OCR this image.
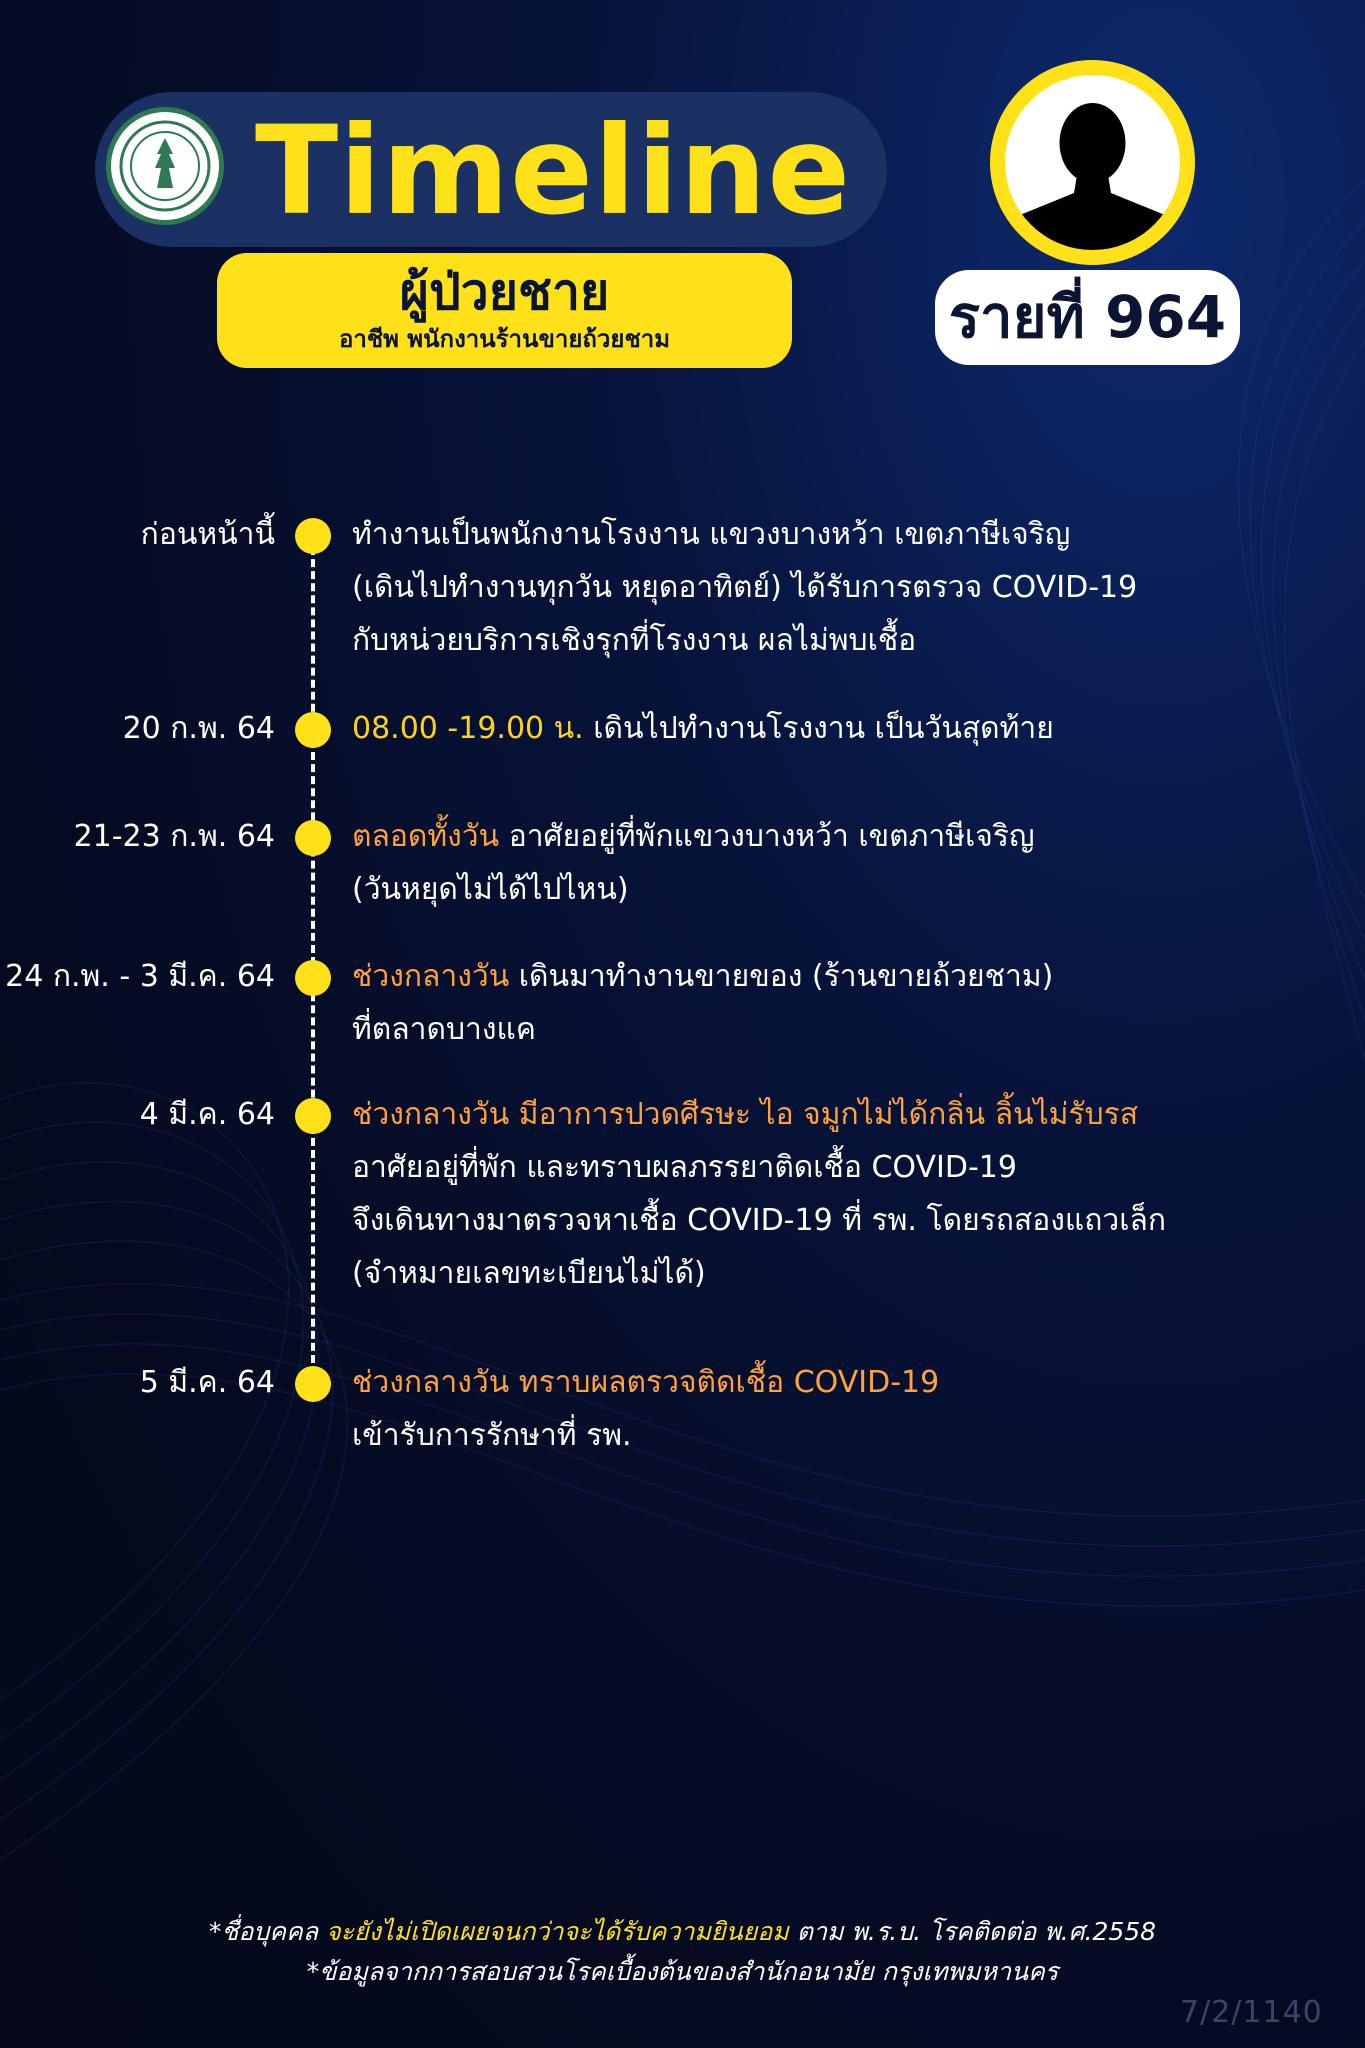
Timeline
ผู้ป่วยชาย
อาชีพ พนักงานร้านขายถ้วยชาม	รายที่ 964
ก่อนหน้านี้	ทำงานเป็นพนักงานโรงงาน แขวงบางหว้า เขตภาษีเจริญ

(เดินไปทำงานทุกวัน หยุดอาทิตย์) ได้รับการตรวจ COVID-19

กับหน่วยบริการเชิงรุกที่โรงงาน ผลไม่พบเชื้อ

20 ก.พ. 64	08.00 -19.00 น. เดินไปทำงานโรงงาน เป็นวันสุดท้าย

21-23 ก.พ. 64	ตลอดทั้งวัน อาศัยอยู่ที่พักแขวงบางหว้า เขตภาษีเจริญ

(วันหยุดไม่ได้ไปไหน)

24 ก.พ. - 3 มี.ค. 64	ช่วงกลางวัน เดินมาทำงานขายของ (ร้านขายถ้วยชาม)

ที่ตลาดบางแค

4 มี.ค. 64	ช่วงกลางวัน มีอาการปวดศีรษะ ไอ จมูกไม่ได้กลิ่น ลิ้นไม่รับรส

อาศัยอยู่ที่พัก และทราบผลภรรยาติดเชื้อ COVID-19

จึงเดินทางมาตรวจหาเชื้อ COVID-19 ที่ รพ. โดยรถสองแถวเล็ก

(จำหมายเลขทะเบียนไม่ได้)

5 มี.ค. 64	ช่วงกลางวัน ทราบผลตรวจติดเชื้อ COVID-19

เข้ารับการรักษาที่ รพ.

*ชื่อบุคคล จะยังไม่เปิดเผยจนกว่าจะได้รับความยินยอม ตาม พ.ร.บ. โรคติดต่อ พ.ศ.2558
*ข้อมูลจากการสอบสวนโรคเบื้องต้นของสำนักอนามัย กรุงเทพมหานคร
7/2/1140
